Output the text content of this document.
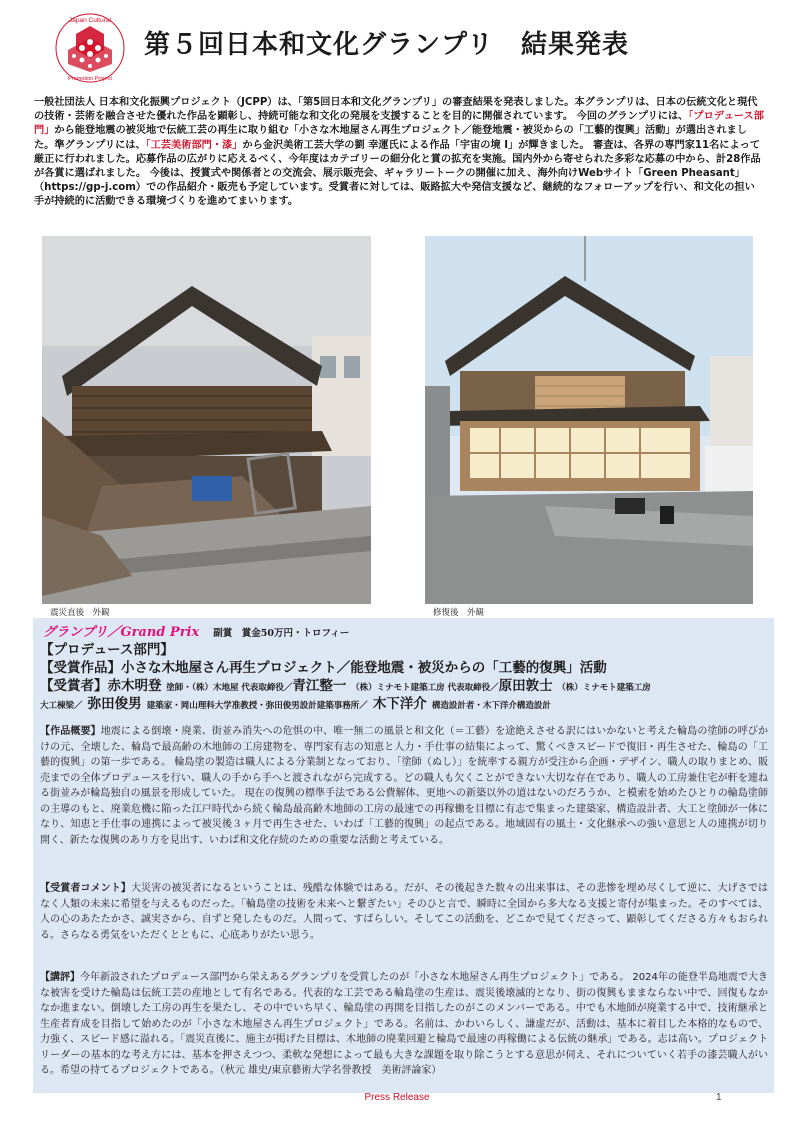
Japan Cultural
Promotion Project
第５回日本和文化グランプリ　結果発表
一般社団法人 日本和文化振興プロジェクト（JCPP）は、「第5回日本和文化グランプリ」の審査結果を発表しました。本グランプリは、日本の伝統文化と現代の技術・芸術を融合させた優れた作品を顕彰し、持続可能な和文化の発展を支援することを目的に開催されています。 今回のグランプリには、「プロデュース部門」から能登地震の被災地で伝統工芸の再生に取り組む「小さな木地屋さん再生プロジェクト／能登地震・被災からの「工藝的復興」活動」が選出されました。準グランプリには、「工芸美術部門・漆」から金沢美術工芸大学の劉 幸運氏による作品「宇宙の境 I」が輝きました。 審査は、各界の専門家11名によって厳正に行われました。応募作品の広がりに応えるべく、今年度はカテゴリーの細分化と賞の拡充を実施。国内外から寄せられた多彩な応募の中から、計28作品が各賞に選ばれました。 今後は、授賞式や関係者との交流会、展示販売会、ギャラリートークの開催に加え、海外向けWebサイト「Green Pheasant」（https://gp-j.com）での作品紹介・販売も予定しています。受賞者に対しては、販路拡大や発信支援など、継続的なフォローアップを行い、和文化の担い手が持続的に活動できる環境づくりを進めてまいります。
震災直後　外観	修復後　外観
グランプリ／Grand Prix 副賞　賞金50万円・トロフィー
【プロデュース部門】
【受賞作品】小さな木地屋さん再生プロジェクト／能登地震・被災からの「工藝的復興」活動
【受賞者】赤木明登 塗師・（株）木地屋 代表取締役／青江整一 （株）ミナモト建築工房 代表取締役／原田敦士 （株）ミナモト建築工房
大工棟梁／ 弥田俊男 建築家・岡山理科大学准教授・弥田俊男設計建築事務所／ 木下洋介 構造設計者・木下洋介構造設計
【作品概要】地震による倒壊・廃業、街並み消失への危惧の中、唯一無二の風景と和文化（＝工藝）を途絶えさせる訳にはいかないと考えた輪島の塗師の呼びかけの元、全壊した、輪島で最高齢の木地師の工房建物を、専門家有志の知恵と人力・手仕事の結集によって、驚くべきスピードで復旧・再生させた、輪島の「工藝的復興」の第一歩である。 輪島塗の製造は職人による分業制となっており、「塗師（ぬし）」を統率する親方が受注から企画・デザイン、職人の取りまとめ、販売までの全体プロデュースを行い、職人の手から手へと渡されながら完成する。どの職人も欠くことができない大切な存在であり、職人の工房兼住宅が軒を連ねる街並みが輪島独自の風景を形成していた。 現在の復興の標準手法である公費解体、更地への新築以外の道はないのだろうか、と模索を始めたひとりの輪島塗師の主導のもと、廃業危機に陥った江戸時代から続く輪島最高齢木地師の工房の最速での再稼働を目標に有志で集まった建築家、構造設計者、大工と塗師が一体になり、知恵と手仕事の連携によって被災後３ヶ月で再生させた、いわば「工藝的復興」の起点である。地域固有の風土・文化継承への強い意思と人の連携が切り開く、新たな復興のあり方を見出す、いわば和文化存続のための重要な活動と考えている。
【受賞者コメント】大災害の被災者になるということは、残酷な体験ではある。だが、その後起きた数々の出来事は、その悲惨を埋め尽くして逆に、大げさではなく人類の未来に希望を与えるものだった。「輪島塗の技術を未来へと繋ぎたい」そのひと言で、瞬時に全国から多大なる支援と寄付が集まった。そのすべては、人の心のあたたかさ、誠実さから、自ずと発したものだ。人間って、すばらしい。そしてこの活動を、どこかで見てくださって、顕彰してくださる方々もおられる。さらなる勇気をいただくとともに、心底ありがたい思う。
【講評】今年新設されたプロデュース部門から栄えあるグランプリを受賞したのが「小さな木地屋さん再生プロジェクト」である。 2024年の能登半島地震で大きな被害を受けた輪島は伝統工芸の産地として有名である。代表的な工芸である輪島塗の生産は、震災後壊滅的となり、街の復興もままならない中で、回復もなかなか進まない。倒壊した工房の再生を果たし、その中でいち早く、輪島塗の再開を目指したのがこのメンバーである。中でも木地師が廃業する中で、技術継承と生産者育成を目指して始めたのが「小さな木地屋さん再生プロジェクト」である。名前は、かわいらしく、謙虚だが、活動は、基本に着目した本格的なもので、力強く、スピード感に溢れる。「震災直後に、施主が掲げた目標は、木地師の廃業回避と輪島で最速の再稼働による伝統の継承」である。志は高い。プロジェクトリーダーの基本的な考え方には、基本を押さえつつ、柔軟な発想によって最も大きな課題を取り除こうとする意思が伺え、それについていく若手の漆芸職人がいる。希望の持てるプロジェクトである。（秋元 雄史/東京藝術大学名誉教授　美術評論家）
Press Release	1
